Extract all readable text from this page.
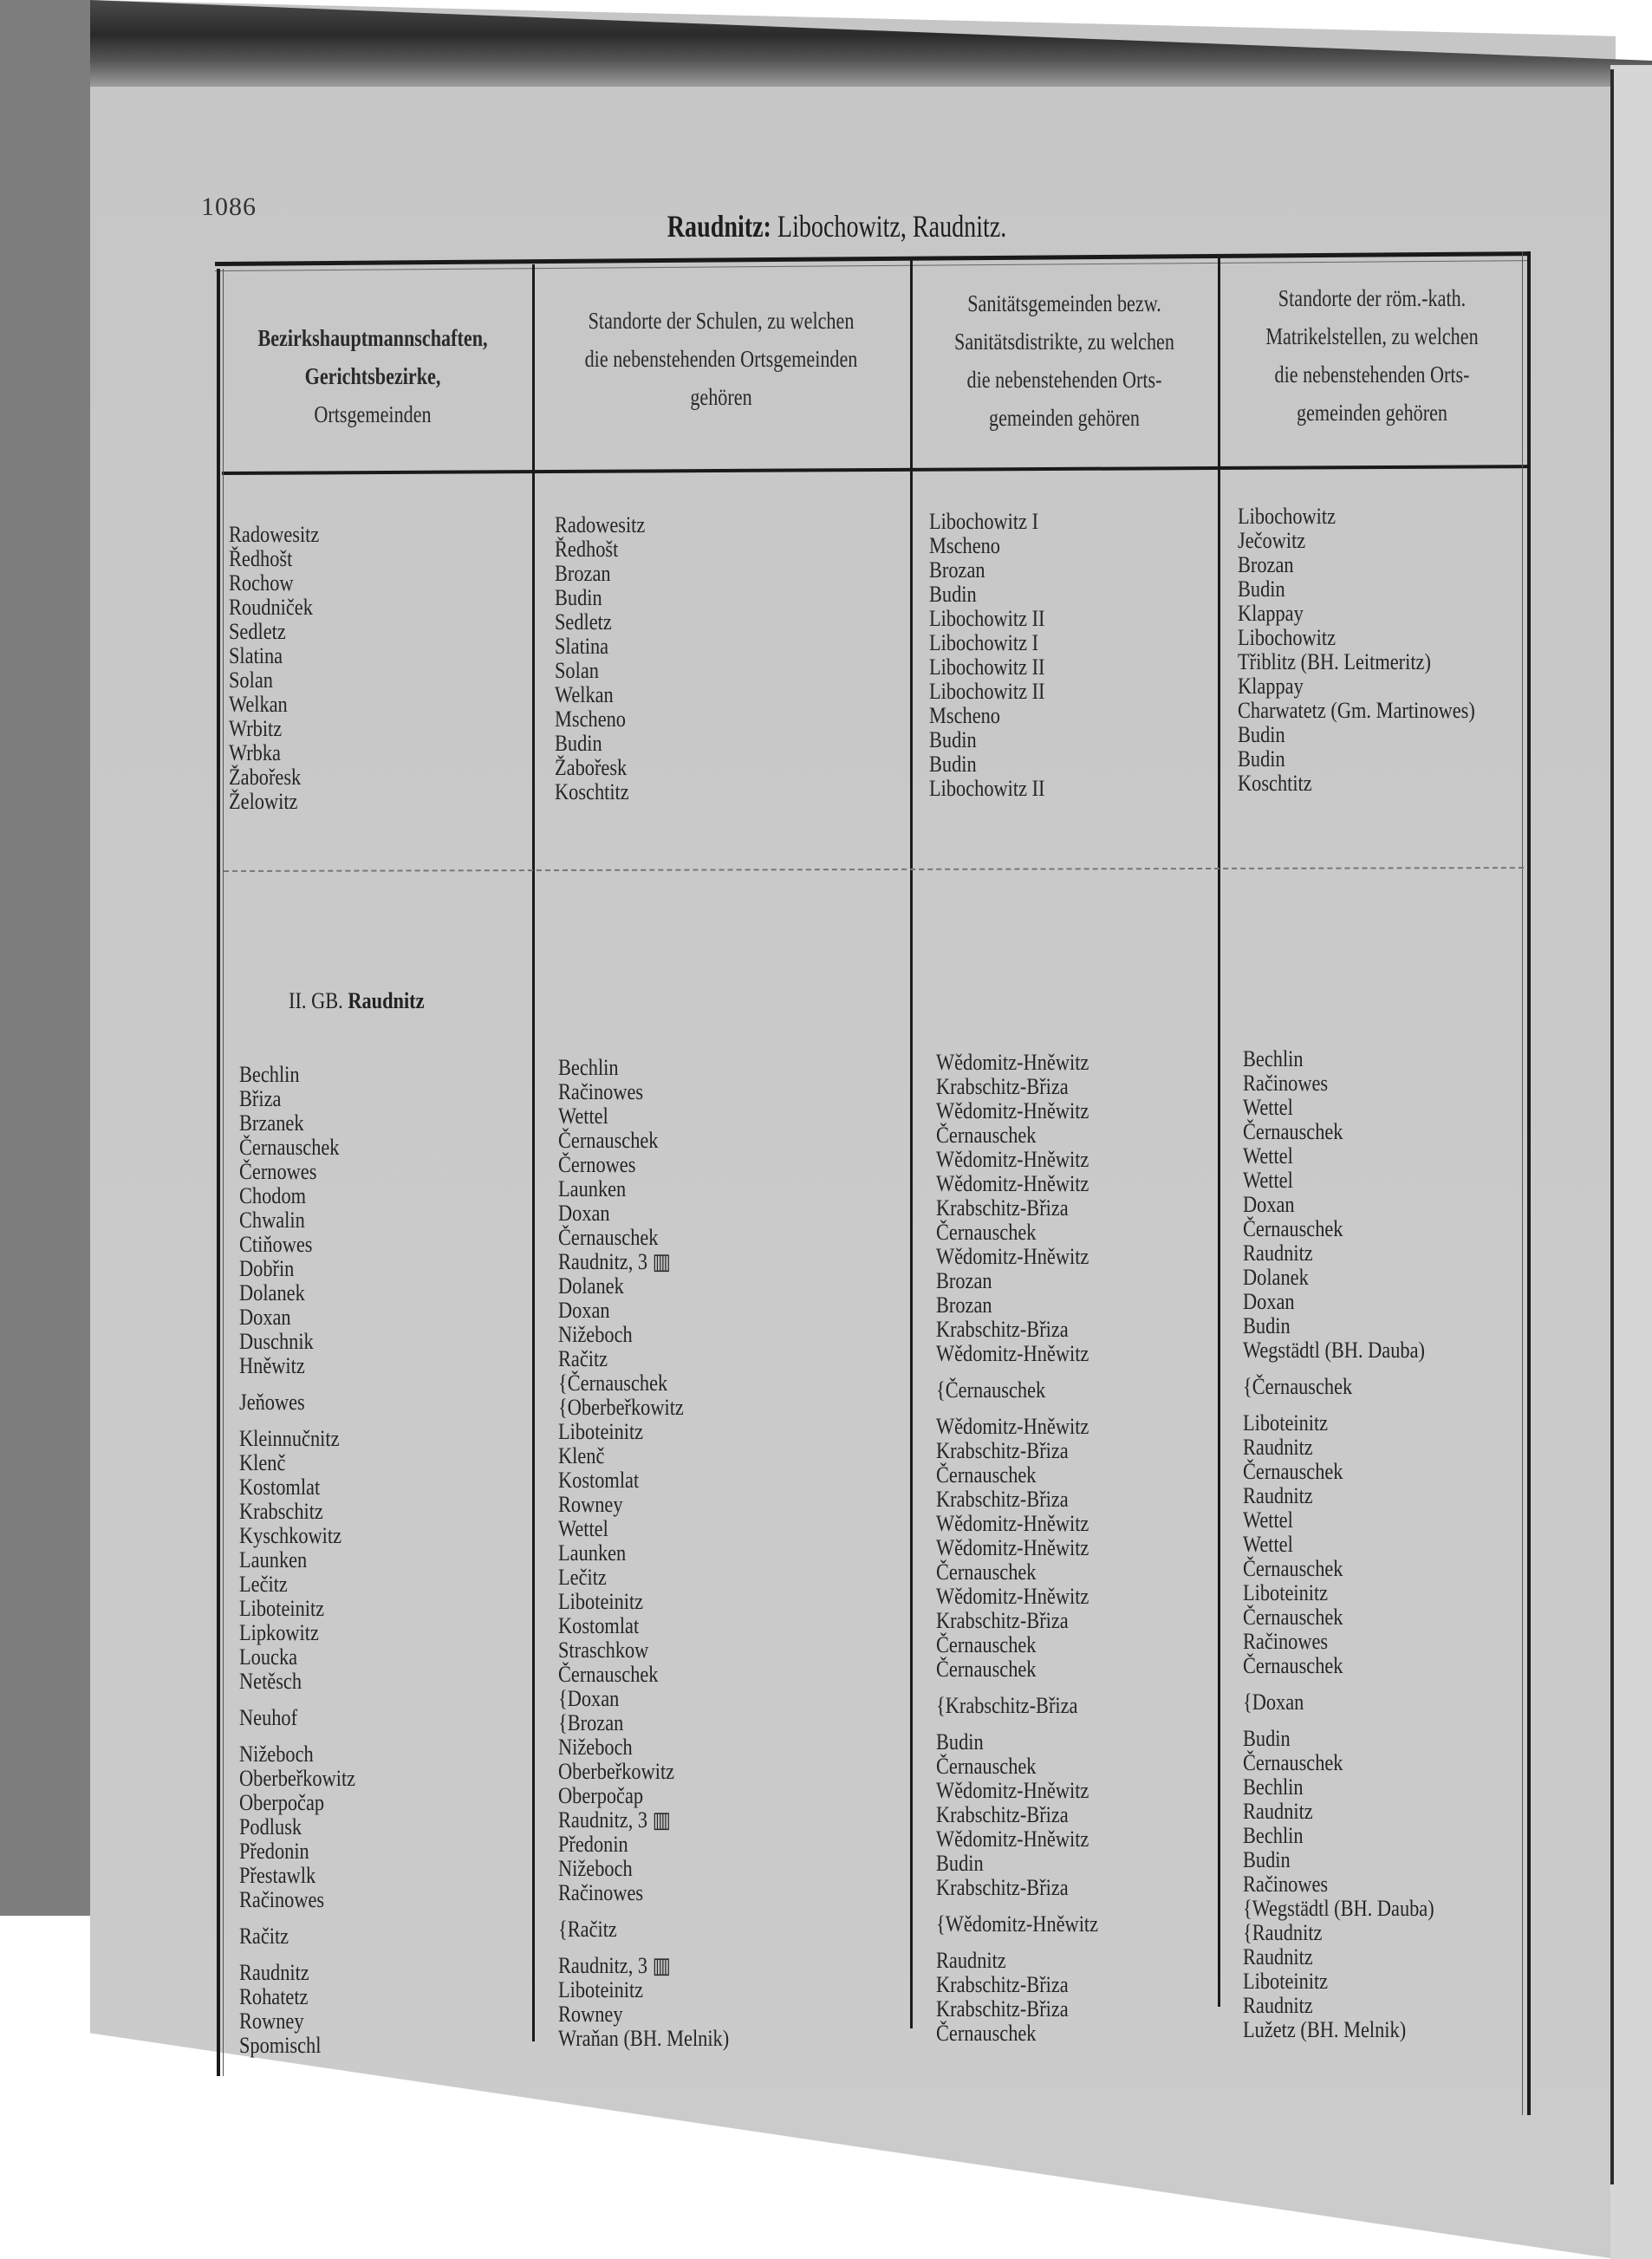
1086
Raudnitz: Libochowitz, Raudnitz.
Bezirkshauptmannschaften,
Gerichtsbezirke,
Ortsgemeinden
Standorte der Schulen, zu welchen
die nebenstehenden Ortsgemeinden
gehören
Sanitätsgemeinden bezw.
Sanitätsdistrikte, zu welchen
die nebenstehenden Orts-
gemeinden gehören
Standorte der röm.-kath.
Matrikelstellen, zu welchen
die nebenstehenden Orts-
gemeinden gehören
Radowesitz
Ředhošt
Rochow
Roudniček
Sedletz
Slatina
Solan
Welkan
Wrbitz
Wrbka
Žabořesk
Želowitz
Radowesitz
Ředhošt
Brozan
Budin
Sedletz
Slatina
Solan
Welkan
Mscheno
Budin
Žabořesk
Koschtitz
Libochowitz I
Mscheno
Brozan
Budin
Libochowitz II
Libochowitz I
Libochowitz II
Libochowitz II
Mscheno
Budin
Budin
Libochowitz II
Libochowitz
Ječowitz
Brozan
Budin
Klappay
Libochowitz
Třiblitz (BH. Leitmeritz)
Klappay
Charwatetz (Gm. Martinowes)
Budin
Budin
Koschtitz
II. GB. Raudnitz
Bechlin
Břiza
Brzanek
Černauschek
Černowes
Chodom
Chwalin
Ctiňowes
Dobřin
Dolanek
Doxan
Duschnik
Hněwitz
Jeňowes
Kleinnučnitz
Klenč
Kostomlat
Krabschitz
Kyschkowitz
Launken
Lečitz
Liboteinitz
Lipkowitz
Loucka
Netěsch
Neuhof
Nižeboch
Oberbeřkowitz
Oberpočap
Podlusk
Předonin
Přestawlk
Račinowes
Račitz
Raudnitz
Rohatetz
Rowney
Spomischl
Bechlin
Račinowes
Wettel
Černauschek
Černowes
Launken
Doxan
Černauschek
Raudnitz, 3 ▥
Dolanek
Doxan
Nižeboch
Račitz
{Černauschek
{Oberbeřkowitz
Liboteinitz
Klenč
Kostomlat
Rowney
Wettel
Launken
Lečitz
Liboteinitz
Kostomlat
Straschkow
Černauschek
{Doxan
{Brozan
Nižeboch
Oberbeřkowitz
Oberpočap
Raudnitz, 3 ▥
Předonin
Nižeboch
Račinowes
{Račitz
Raudnitz, 3 ▥
Liboteinitz
Rowney
Wraňan (BH. Melnik)
Wědomitz-Hněwitz
Krabschitz-Břiza
Wědomitz-Hněwitz
Černauschek
Wědomitz-Hněwitz
Wědomitz-Hněwitz
Krabschitz-Břiza
Černauschek
Wědomitz-Hněwitz
Brozan
Brozan
Krabschitz-Břiza
Wědomitz-Hněwitz
{Černauschek
Wědomitz-Hněwitz
Krabschitz-Břiza
Černauschek
Krabschitz-Břiza
Wědomitz-Hněwitz
Wědomitz-Hněwitz
Černauschek
Wědomitz-Hněwitz
Krabschitz-Břiza
Černauschek
Černauschek
{Krabschitz-Břiza
Budin
Černauschek
Wědomitz-Hněwitz
Krabschitz-Břiza
Wědomitz-Hněwitz
Budin
Krabschitz-Břiza
{Wědomitz-Hněwitz
Raudnitz
Krabschitz-Břiza
Krabschitz-Břiza
Černauschek
Bechlin
Račinowes
Wettel
Černauschek
Wettel
Wettel
Doxan
Černauschek
Raudnitz
Dolanek
Doxan
Budin
Wegstädtl (BH. Dauba)
{Černauschek
Liboteinitz
Raudnitz
Černauschek
Raudnitz
Wettel
Wettel
Černauschek
Liboteinitz
Černauschek
Račinowes
Černauschek
{Doxan
Budin
Černauschek
Bechlin
Raudnitz
Bechlin
Budin
Račinowes
{Wegstädtl (BH. Dauba)
{Raudnitz
Raudnitz
Liboteinitz
Raudnitz
Lužetz (BH. Melnik)
